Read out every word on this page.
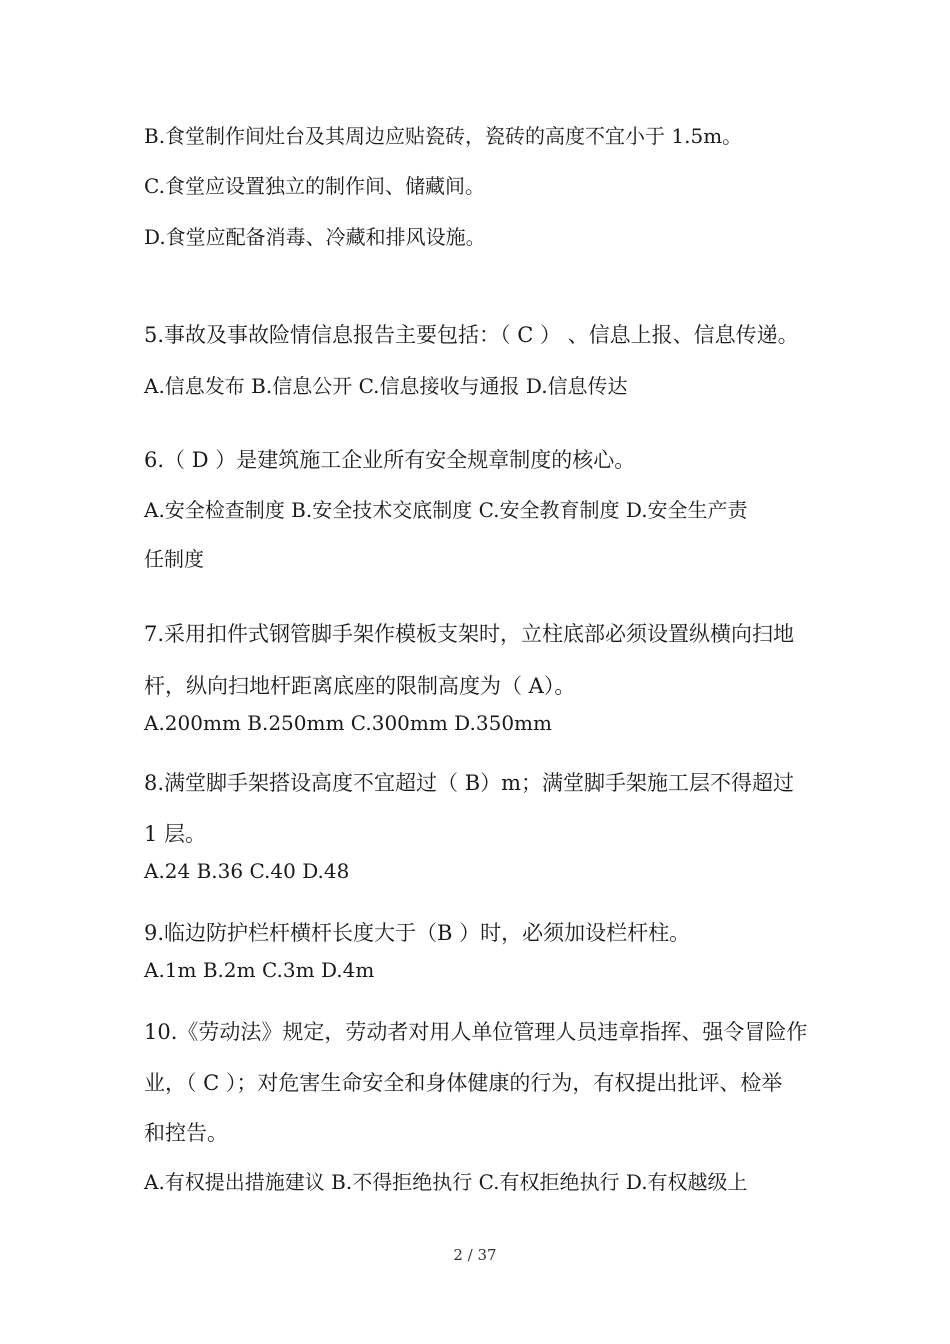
B.食堂制作间灶台及其周边应贴瓷砖，瓷砖的高度不宜小于 1.5m。
C.食堂应设置独立的制作间、储藏间。
D.食堂应配备消毒、冷藏和排风设施。
5.事故及事故险情信息报告主要包括：（ C ） 、信息上报、信息传递。
A.信息发布 B.信息公开 C.信息接收与通报 D.信息传达
6.（ D ）是建筑施工企业所有安全规章制度的核心。
A.安全检查制度 B.安全技术交底制度 C.安全教育制度 D.安全生产责
任制度
7.采用扣件式钢管脚手架作模板支架时，立柱底部必须设置纵横向扫地
杆，纵向扫地杆距离底座的限制高度为（ A）。
A.200mm B.250mm C.300mm D.350mm
8.满堂脚手架搭设高度不宜超过（ B）m；满堂脚手架施工层不得超过
1 层。
A.24 B.36 C.40 D.48
9.临边防护栏杆横杆长度大于（B ）时，必须加设栏杆柱。
A.1m B.2m C.3m D.4m
10.《劳动法》规定，劳动者对用人单位管理人员违章指挥、强令冒险作
业，（ C ）；对危害生命安全和身体健康的行为，有权提出批评、检举
和控告。
A.有权提出措施建议 B.不得拒绝执行 C.有权拒绝执行 D.有权越级上
2 / 37
